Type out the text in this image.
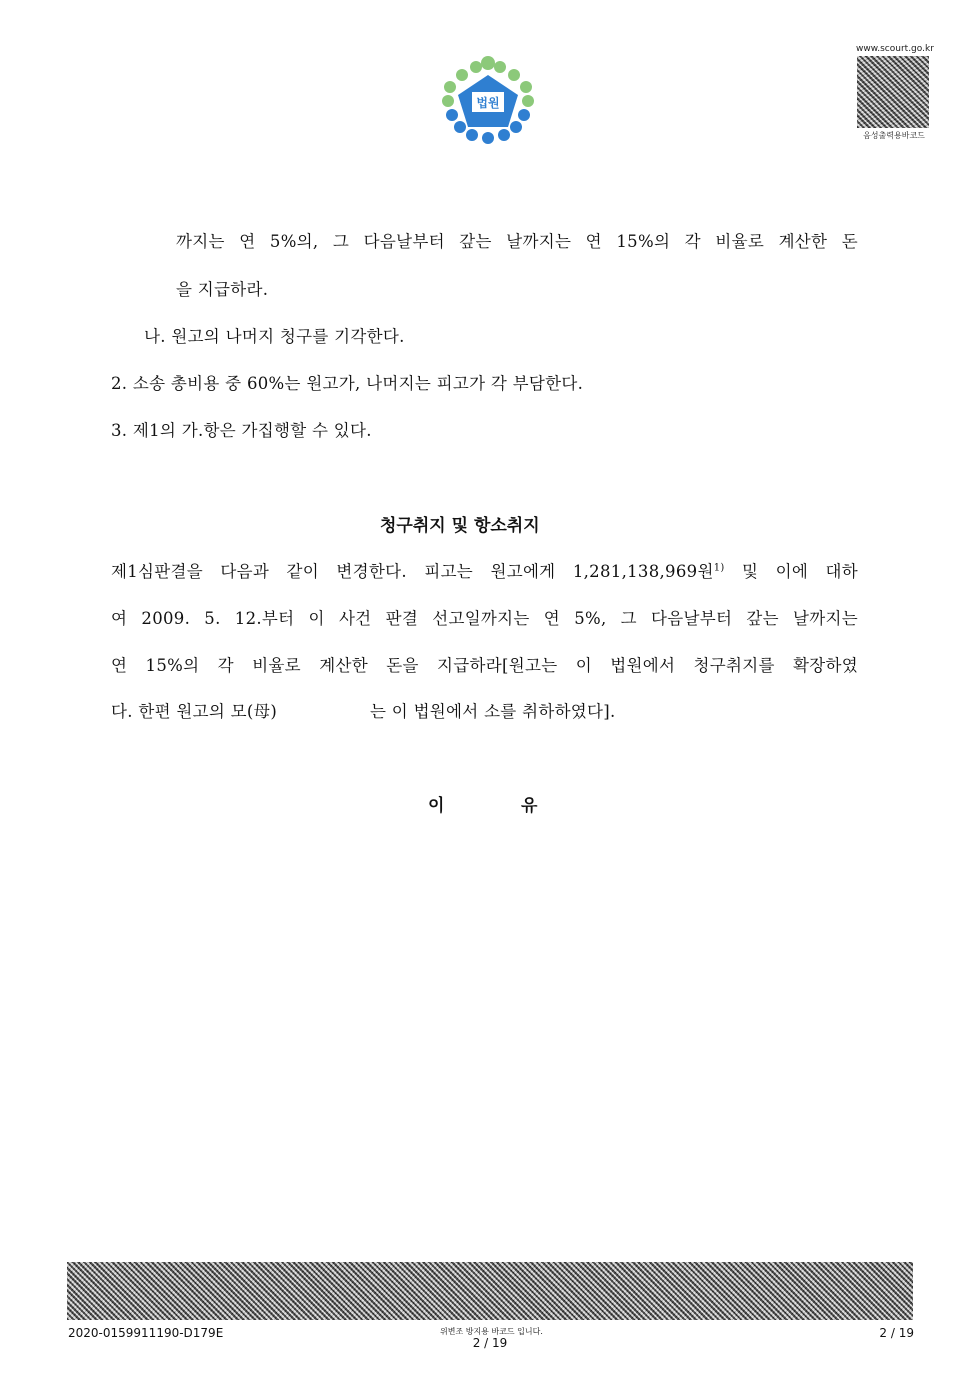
법원
www.scourt.go.kr
음성출력용바코드
까지는 연 5%의, 그 다음날부터 갚는 날까지는 연 15%의 각 비율로 계산한 돈
을 지급하라.
나. 원고의 나머지 청구를 기각한다.
2. 소송 총비용 중 60%는 원고가, 나머지는 피고가 각 부담한다.
3. 제1의 가.항은 가집행할 수 있다.
청구취지 및 항소취지
제1심판결을 다음과 같이 변경한다. 피고는 원고에게 1,281,138,969원$^{1)}$ 및 이에 대하
여 2009. 5. 12.부터 이 사건 판결 선고일까지는 연 5%, 그 다음날부터 갚는 날까지는
연 15%의 각 비율로 계산한 돈을 지급하라[원고는 이 법원에서 청구취지를 확장하였
다. 한편 원고의 모(母)	는 이 법원에서 소를 취하하였다].
이	유
2020-0159911190-D179E	위변조 방지용 바코드 입니다.
2 / 19
2 / 19
